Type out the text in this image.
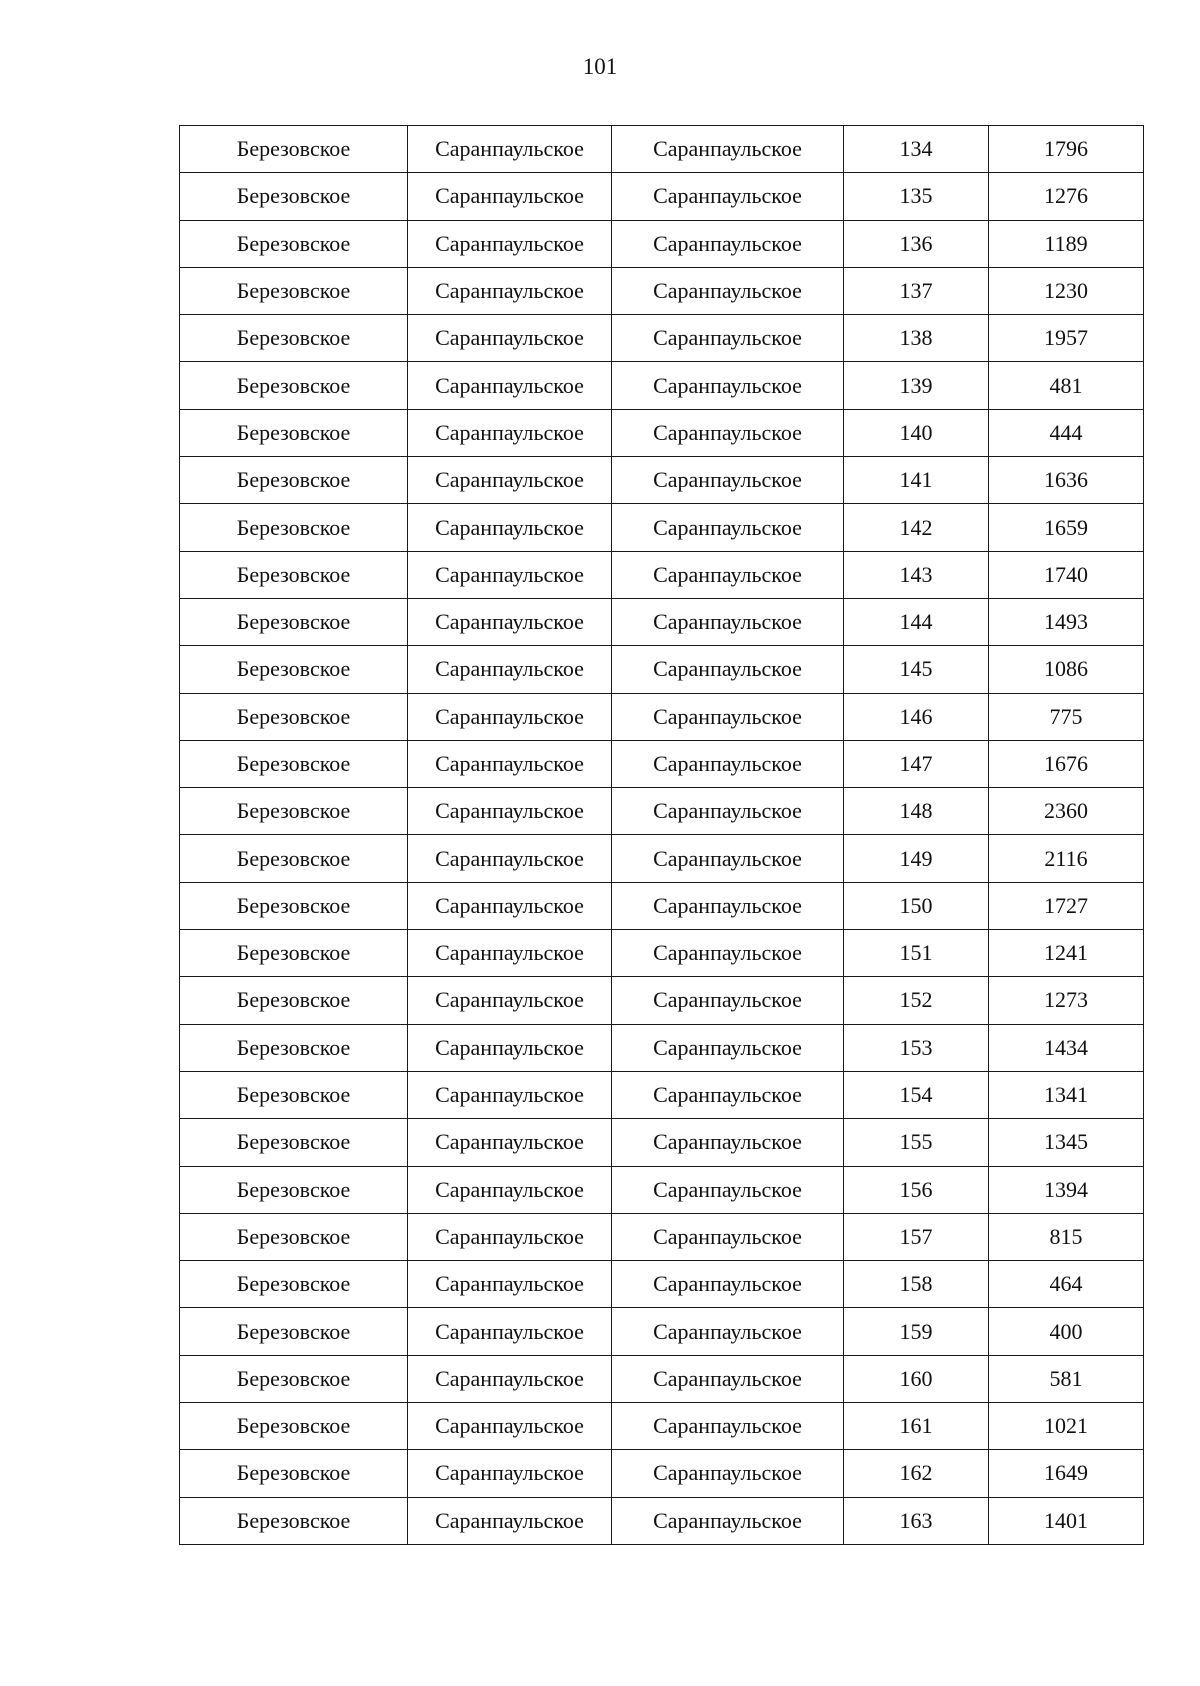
101
Березовское	Саранпаульское	Саранпаульское	134	1796
Березовское	Саранпаульское	Саранпаульское	135	1276
Березовское	Саранпаульское	Саранпаульское	136	1189
Березовское	Саранпаульское	Саранпаульское	137	1230
Березовское	Саранпаульское	Саранпаульское	138	1957
Березовское	Саранпаульское	Саранпаульское	139	481
Березовское	Саранпаульское	Саранпаульское	140	444
Березовское	Саранпаульское	Саранпаульское	141	1636
Березовское	Саранпаульское	Саранпаульское	142	1659
Березовское	Саранпаульское	Саранпаульское	143	1740
Березовское	Саранпаульское	Саранпаульское	144	1493
Березовское	Саранпаульское	Саранпаульское	145	1086
Березовское	Саранпаульское	Саранпаульское	146	775
Березовское	Саранпаульское	Саранпаульское	147	1676
Березовское	Саранпаульское	Саранпаульское	148	2360
Березовское	Саранпаульское	Саранпаульское	149	2116
Березовское	Саранпаульское	Саранпаульское	150	1727
Березовское	Саранпаульское	Саранпаульское	151	1241
Березовское	Саранпаульское	Саранпаульское	152	1273
Березовское	Саранпаульское	Саранпаульское	153	1434
Березовское	Саранпаульское	Саранпаульское	154	1341
Березовское	Саранпаульское	Саранпаульское	155	1345
Березовское	Саранпаульское	Саранпаульское	156	1394
Березовское	Саранпаульское	Саранпаульское	157	815
Березовское	Саранпаульское	Саранпаульское	158	464
Березовское	Саранпаульское	Саранпаульское	159	400
Березовское	Саранпаульское	Саранпаульское	160	581
Березовское	Саранпаульское	Саранпаульское	161	1021
Березовское	Саранпаульское	Саранпаульское	162	1649
Березовское	Саранпаульское	Саранпаульское	163	1401
